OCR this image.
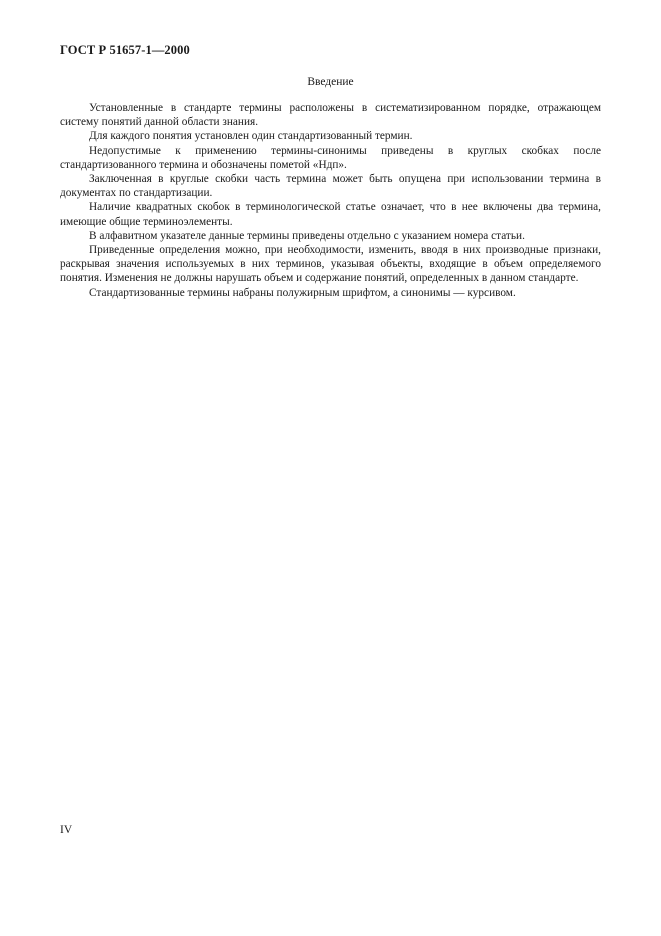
ГОСТ Р 51657-1—2000
Введение

Установленные в стандарте термины расположены в систематизированном порядке, отражающем систему понятий данной области знания.

Для каждого понятия установлен один стандартизованный термин.

Недопустимые к применению термины-синонимы приведены в круглых скобках после стандартизованного термина и обозначены пометой «Ндп».

Заключенная в круглые скобки часть термина может быть опущена при использовании термина в документах по стандартизации.

Наличие квадратных скобок в терминологической статье означает, что в нее включены два термина, имеющие общие терминоэлементы.

В алфавитном указателе данные термины приведены отдельно с указанием номера статьи.

Приведенные определения можно, при необходимости, изменить, вводя в них производные признаки, раскрывая значения используемых в них терминов, указывая объекты, входящие в объем определяемого понятия. Изменения не должны нарушать объем и содержание понятий, определенных в данном стандарте.

Стандартизованные термины набраны полужирным шрифтом, а синонимы — курсивом.

IV
